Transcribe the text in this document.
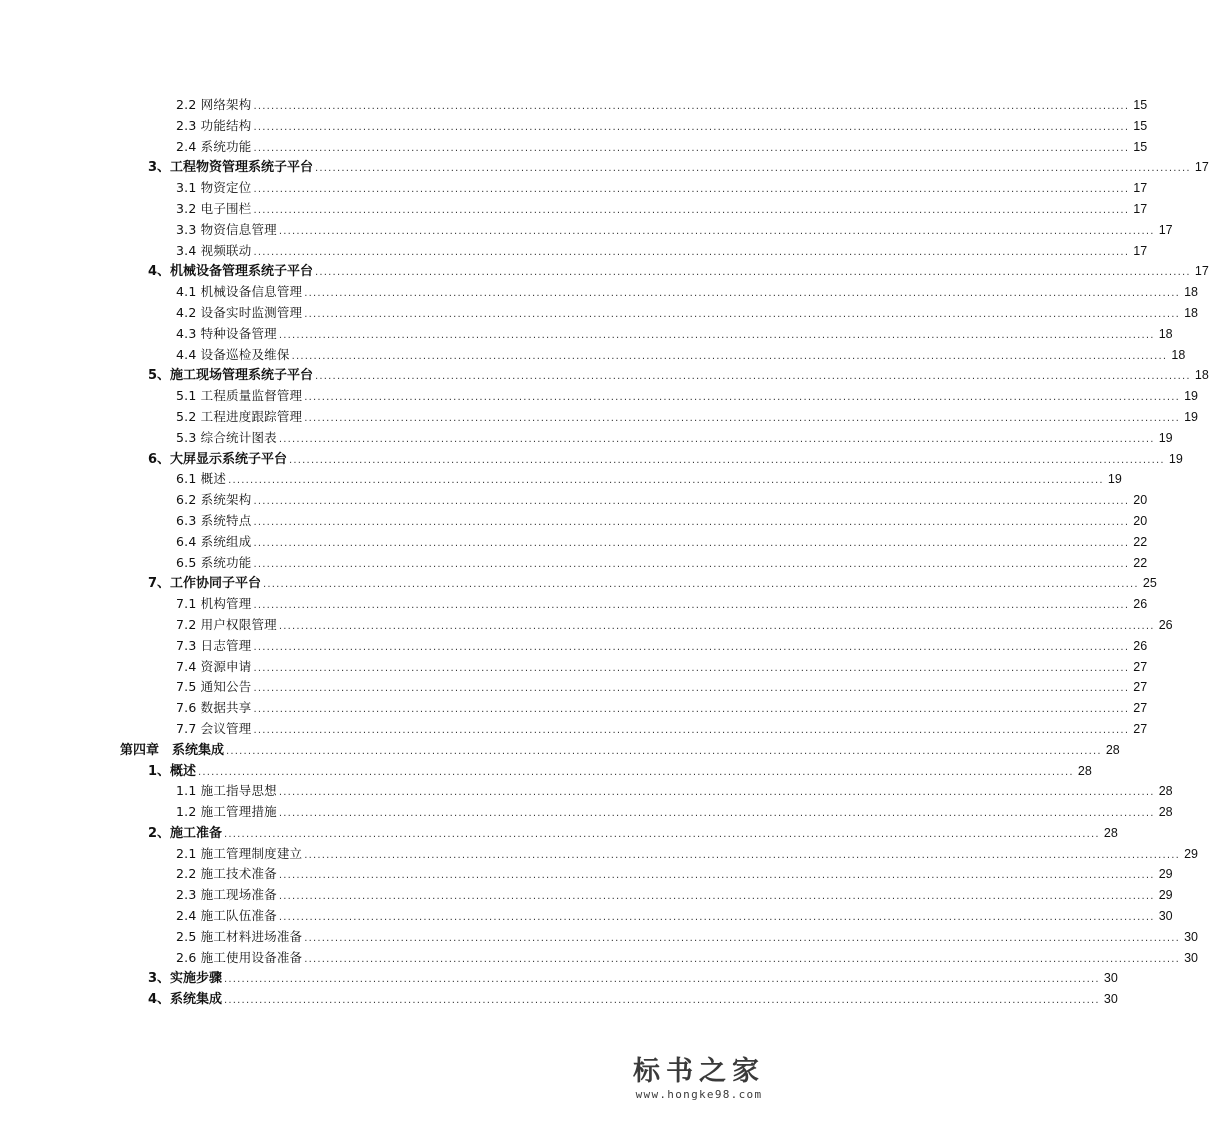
2.2 网络架构 ........................................................................................................................................................................................................ 15
2.3 功能结构 ........................................................................................................................................................................................................ 15
2.4 系统功能 ........................................................................................................................................................................................................ 15
3、工程物资管理系统子平台 ........................................................................................................................................................................................................ 17
3.1 物资定位 ........................................................................................................................................................................................................ 17
3.2 电子围栏 ........................................................................................................................................................................................................ 17
3.3 物资信息管理 ........................................................................................................................................................................................................ 17
3.4 视频联动 ........................................................................................................................................................................................................ 17
4、机械设备管理系统子平台 ........................................................................................................................................................................................................ 17
4.1 机械设备信息管理 ........................................................................................................................................................................................................ 18
4.2 设备实时监测管理 ........................................................................................................................................................................................................ 18
4.3 特种设备管理 ........................................................................................................................................................................................................ 18
4.4 设备巡检及维保 ........................................................................................................................................................................................................ 18
5、施工现场管理系统子平台 ........................................................................................................................................................................................................ 18
5.1 工程质量监督管理 ........................................................................................................................................................................................................ 19
5.2 工程进度跟踪管理 ........................................................................................................................................................................................................ 19
5.3 综合统计图表 ........................................................................................................................................................................................................ 19
6、大屏显示系统子平台 ........................................................................................................................................................................................................ 19
6.1 概述 ........................................................................................................................................................................................................ 19
6.2 系统架构 ........................................................................................................................................................................................................ 20
6.3 系统特点 ........................................................................................................................................................................................................ 20
6.4 系统组成 ........................................................................................................................................................................................................ 22
6.5 系统功能 ........................................................................................................................................................................................................ 22
7、工作协同子平台 ........................................................................................................................................................................................................ 25
7.1 机构管理 ........................................................................................................................................................................................................ 26
7.2 用户权限管理 ........................................................................................................................................................................................................ 26
7.3 日志管理 ........................................................................................................................................................................................................ 26
7.4 资源申请 ........................................................................................................................................................................................................ 27
7.5 通知公告 ........................................................................................................................................................................................................ 27
7.6 数据共享 ........................................................................................................................................................................................................ 27
7.7 会议管理 ........................................................................................................................................................................................................ 27
第四章　系统集成 ........................................................................................................................................................................................................ 28
1、概述 ........................................................................................................................................................................................................ 28
1.1 施工指导思想 ........................................................................................................................................................................................................ 28
1.2 施工管理措施 ........................................................................................................................................................................................................ 28
2、施工准备 ........................................................................................................................................................................................................ 28
2.1 施工管理制度建立 ........................................................................................................................................................................................................ 29
2.2 施工技术准备 ........................................................................................................................................................................................................ 29
2.3 施工现场准备 ........................................................................................................................................................................................................ 29
2.4 施工队伍准备 ........................................................................................................................................................................................................ 30
2.5 施工材料进场准备 ........................................................................................................................................................................................................ 30
2.6 施工使用设备准备 ........................................................................................................................................................................................................ 30
3、实施步骤 ........................................................................................................................................................................................................ 30
4、系统集成 ........................................................................................................................................................................................................ 30
标书之家
www.hongke98.com
